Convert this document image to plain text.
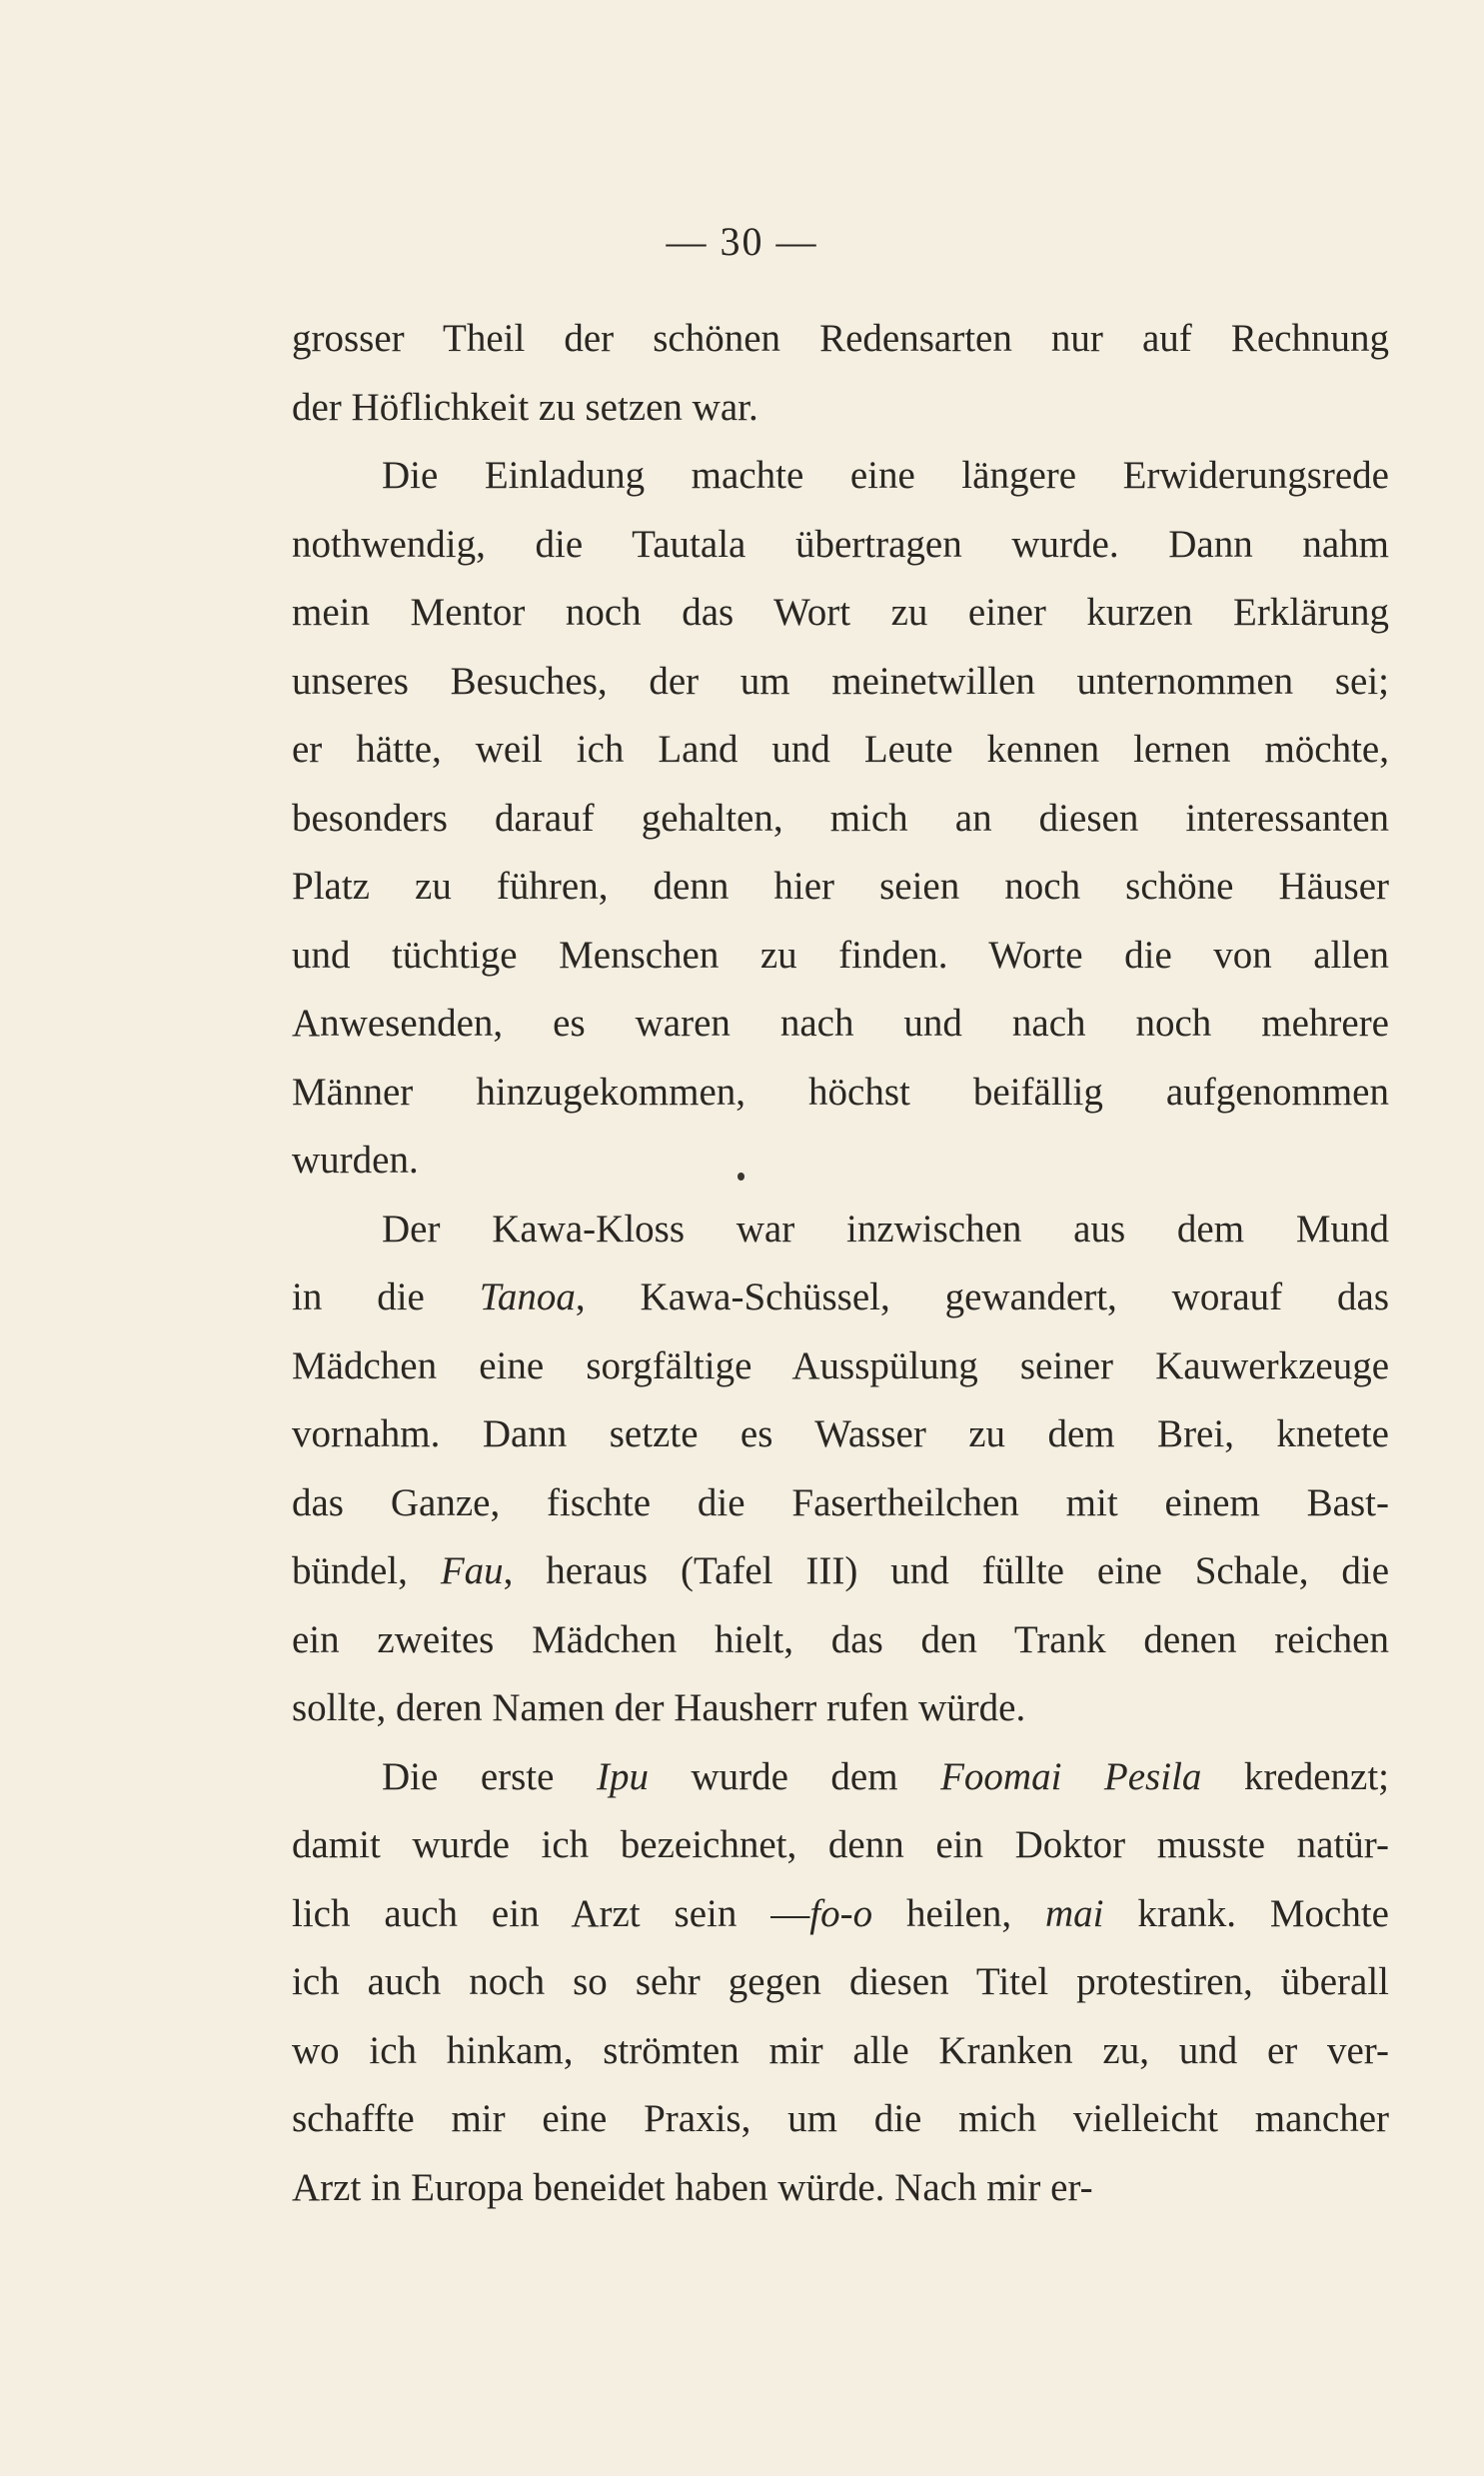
— 30 —
grosser Theil der schönen Redensarten nur auf Rechnung
der Höflichkeit zu setzen war.
Die Einladung machte eine längere Erwiderungsrede
nothwendig, die Tautala übertragen wurde. Dann nahm
mein Mentor noch das Wort zu einer kurzen Erklärung
unseres Besuches, der um meinetwillen unternommen sei;
er hätte, weil ich Land und Leute kennen lernen möchte,
besonders darauf gehalten, mich an diesen interessanten
Platz zu führen, denn hier seien noch schöne Häuser
und tüchtige Menschen zu finden. Worte die von allen
Anwesenden, es waren nach und nach noch mehrere
Männer hinzugekommen, höchst beifällig aufgenommen
wurden.
Der Kawa-Kloss war inzwischen aus dem Mund
in die Tanoa, Kawa-Schüssel, gewandert, worauf das
Mädchen eine sorgfältige Ausspülung seiner Kauwerkzeuge
vornahm. Dann setzte es Wasser zu dem Brei, knetete
das Ganze, fischte die Fasertheilchen mit einem Bast-
bündel, Fau, heraus (Tafel III) und füllte eine Schale, die
ein zweites Mädchen hielt, das den Trank denen reichen
sollte, deren Namen der Hausherr rufen würde.
Die erste Ipu wurde dem Foomai Pesila kredenzt;
damit wurde ich bezeichnet, denn ein Doktor musste natür-
lich auch ein Arzt sein —fo-o heilen, mai krank. Mochte
ich auch noch so sehr gegen diesen Titel protestiren, überall
wo ich hinkam, strömten mir alle Kranken zu, und er ver-
schaffte mir eine Praxis, um die mich vielleicht mancher
Arzt in Europa beneidet haben würde. Nach mir er-
